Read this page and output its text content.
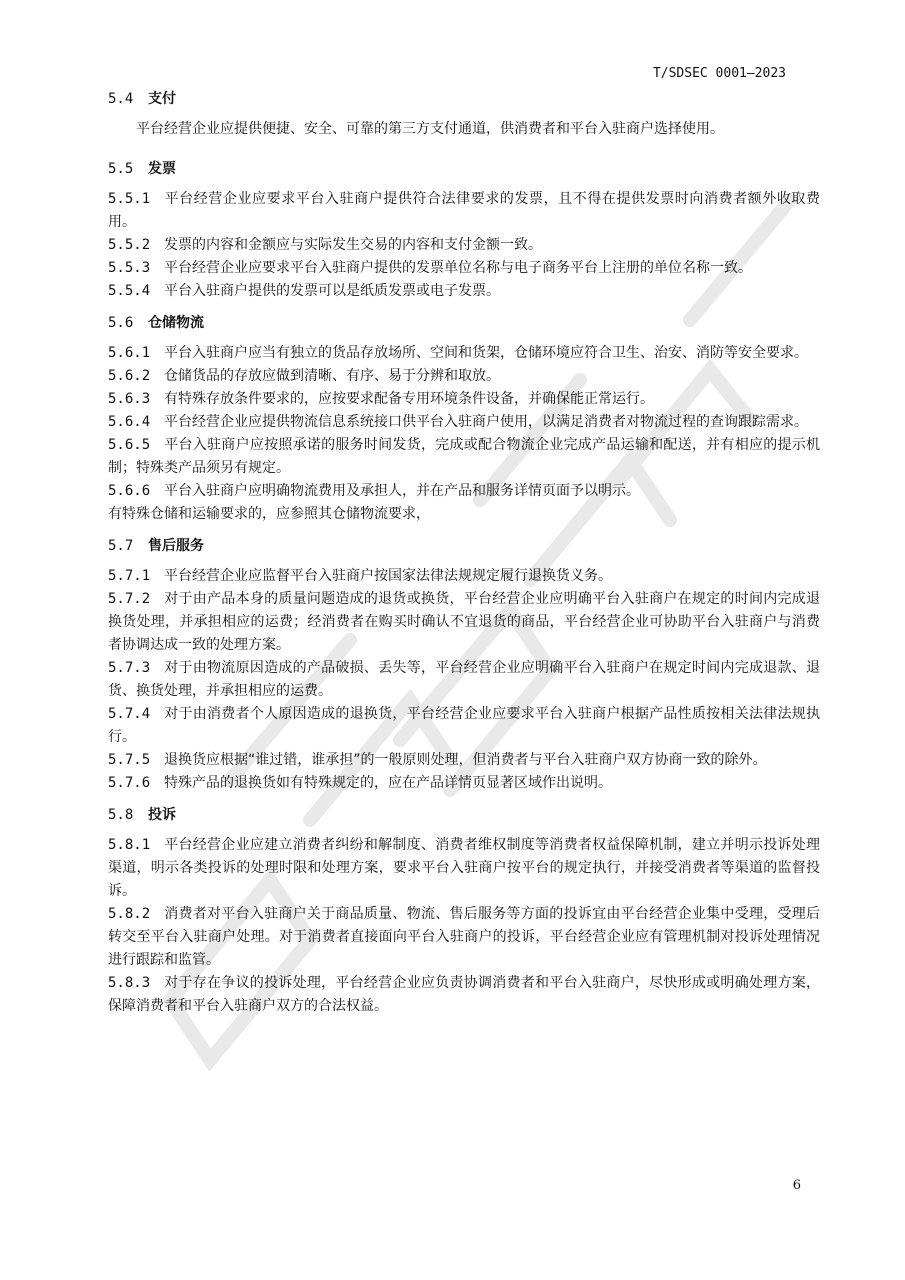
T/SDSEC 0001—2023
5.4 支付

平台经营企业应提供便捷、安全、可靠的第三方支付通道，供消费者和平台入驻商户选择使用。

5.5 发票

5.5.1 平台经营企业应要求平台入驻商户提供符合法律要求的发票，且不得在提供发票时向消费者额外收取费用。

5.5.2 发票的内容和金额应与实际发生交易的内容和支付金额一致。

5.5.3 平台经营企业应要求平台入驻商户提供的发票单位名称与电子商务平台上注册的单位名称一致。

5.5.4 平台入驻商户提供的发票可以是纸质发票或电子发票。

5.6 仓储物流

5.6.1 平台入驻商户应当有独立的货品存放场所、空间和货架，仓储环境应符合卫生、治安、消防等安全要求。

5.6.2 仓储货品的存放应做到清晰、有序、易于分辨和取放。

5.6.3 有特殊存放条件要求的，应按要求配备专用环境条件设备，并确保能正常运行。

5.6.4 平台经营企业应提供物流信息系统接口供平台入驻商户使用，以满足消费者对物流过程的查询跟踪需求。

5.6.5 平台入驻商户应按照承诺的服务时间发货，完成或配合物流企业完成产品运输和配送，并有相应的提示机制；特殊类产品须另有规定。

5.6.6 平台入驻商户应明确物流费用及承担人，并在产品和服务详情页面予以明示。

有特殊仓储和运输要求的，应参照其仓储物流要求，

5.7 售后服务

5.7.1 平台经营企业应监督平台入驻商户按国家法律法规规定履行退换货义务。

5.7.2 对于由产品本身的质量问题造成的退货或换货，平台经营企业应明确平台入驻商户在规定的时间内完成退换货处理，并承担相应的运费；经消费者在购买时确认不宜退货的商品，平台经营企业可协助平台入驻商户与消费者协调达成一致的处理方案。

5.7.3 对于由物流原因造成的产品破损、丢失等，平台经营企业应明确平台入驻商户在规定时间内完成退款、退货、换货处理，并承担相应的运费。

5.7.4 对于由消费者个人原因造成的退换货，平台经营企业应要求平台入驻商户根据产品性质按相关法律法规执行。

5.7.5 退换货应根据“谁过错，谁承担”的一般原则处理，但消费者与平台入驻商户双方协商一致的除外。

5.7.6 特殊产品的退换货如有特殊规定的，应在产品详情页显著区域作出说明。

5.8 投诉

5.8.1 平台经营企业应建立消费者纠纷和解制度、消费者维权制度等消费者权益保障机制，建立并明示投诉处理渠道，明示各类投诉的处理时限和处理方案，要求平台入驻商户按平台的规定执行，并接受消费者等渠道的监督投诉。

5.8.2 消费者对平台入驻商户关于商品质量、物流、售后服务等方面的投诉宜由平台经营企业集中受理，受理后转交至平台入驻商户处理。对于消费者直接面向平台入驻商户的投诉，平台经营企业应有管理机制对投诉处理情况进行跟踪和监管。

5.8.3 对于存在争议的投诉处理，平台经营企业应负责协调消费者和平台入驻商户，尽快形成或明确处理方案，保障消费者和平台入驻商户双方的合法权益。

6
